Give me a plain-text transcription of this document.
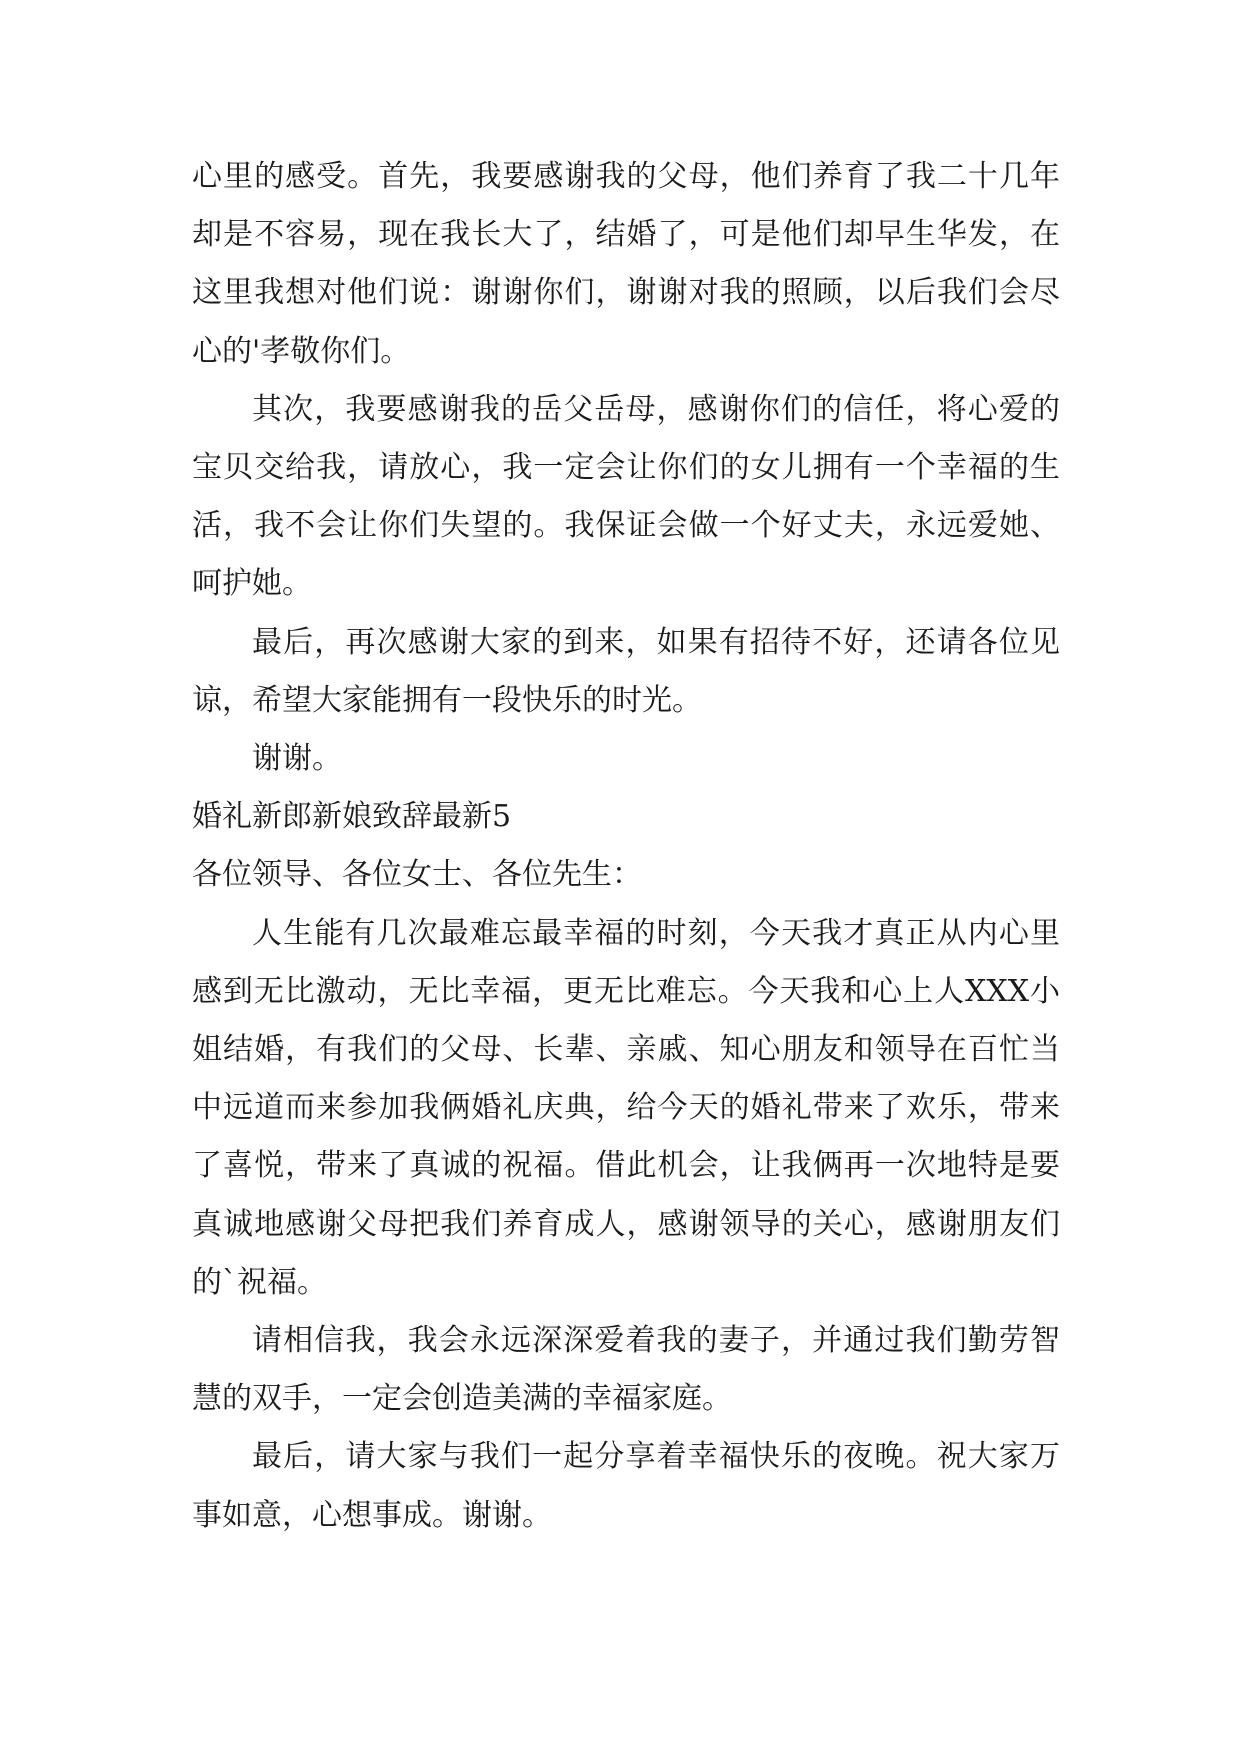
心里的感受。首先，我要感谢我的父母，他们养育了我二十几年却是不容易，现在我长大了，结婚了，可是他们却早生华发，在这里我想对他们说：谢谢你们，谢谢对我的照顾，以后我们会尽心的'孝敬你们。

其次，我要感谢我的岳父岳母，感谢你们的信任，将心爱的宝贝交给我，请放心，我一定会让你们的女儿拥有一个幸福的生活，我不会让你们失望的。我保证会做一个好丈夫，永远爱她、呵护她。

最后，再次感谢大家的到来，如果有招待不好，还请各位见谅，希望大家能拥有一段快乐的时光。

谢谢。

婚礼新郎新娘致辞最新5

各位领导、各位女士、各位先生：

人生能有几次最难忘最幸福的时刻，今天我才真正从内心里感到无比激动，无比幸福，更无比难忘。今天我和心上人XXX小姐结婚，有我们的父母、长辈、亲戚、知心朋友和领导在百忙当中远道而来参加我俩婚礼庆典，给今天的婚礼带来了欢乐，带来了喜悦，带来了真诚的祝福。借此机会，让我俩再一次地特是要真诚地感谢父母把我们养育成人，感谢领导的关心，感谢朋友们的`祝福。

请相信我，我会永远深深爱着我的妻子，并通过我们勤劳智慧的双手，一定会创造美满的幸福家庭。

最后，请大家与我们一起分享着幸福快乐的夜晚。祝大家万事如意，心想事成。谢谢。
